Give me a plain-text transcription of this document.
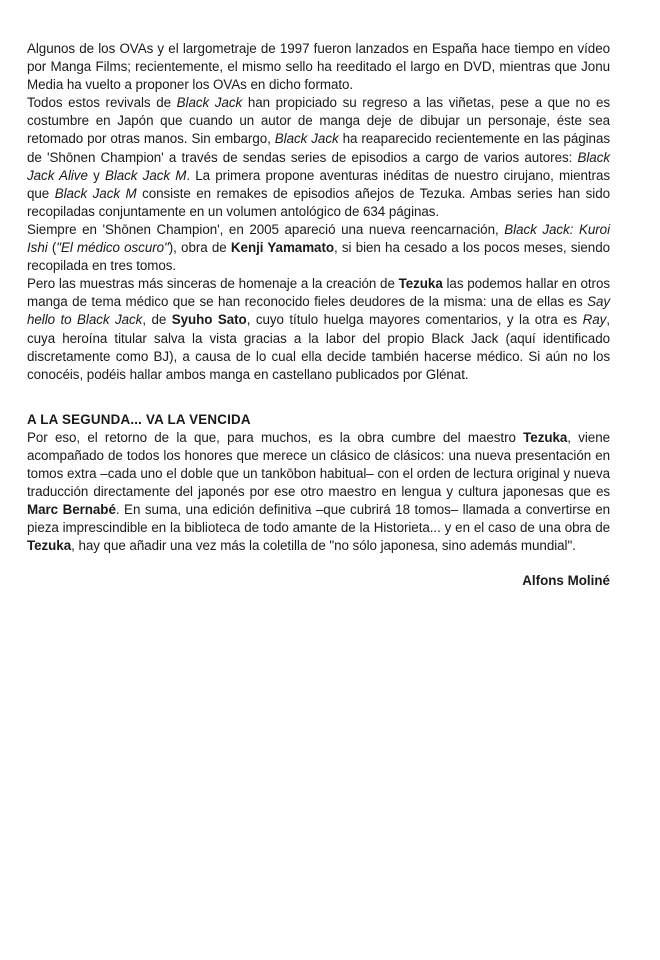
Algunos de los OVAs y el largometraje de 1997 fueron lanzados en España hace tiempo en vídeo por Manga Films; recientemente, el mismo sello ha reeditado el largo en DVD, mientras que Jonu Media ha vuelto a proponer los OVAs en dicho formato.

Todos estos revivals de Black Jack han propiciado su regreso a las viñetas, pese a que no es costumbre en Japón que cuando un autor de manga deje de dibujar un personaje, éste sea retomado por otras manos. Sin embargo, Black Jack ha reaparecido recientemente en las páginas de 'Shōnen Champion' a través de sendas series de episodios a cargo de varios autores: Black Jack Alive y Black Jack M. La primera propone aventuras inéditas de nuestro cirujano, mientras que Black Jack M consiste en remakes de episodios añejos de Tezuka. Ambas series han sido recopiladas conjuntamente en un volumen antológico de 634 páginas.

Siempre en 'Shōnen Champion', en 2005 apareció una nueva reencarnación, Black Jack: Kuroi Ishi ("El médico oscuro"), obra de Kenji Yamamato, si bien ha cesado a los pocos meses, siendo recopilada en tres tomos.

Pero las muestras más sinceras de homenaje a la creación de Tezuka las podemos hallar en otros manga de tema médico que se han reconocido fieles deudores de la misma: una de ellas es Say hello to Black Jack, de Syuho Sato, cuyo título huelga mayores comentarios, y la otra es Ray, cuya heroína titular salva la vista gracias a la labor del propio Black Jack (aquí identificado discretamente como BJ), a causa de lo cual ella decide también hacerse médico. Si aún no los conocéis, podéis hallar ambos manga en castellano publicados por Glénat.

A LA SEGUNDA... VA LA VENCIDA

Por eso, el retorno de la que, para muchos, es la obra cumbre del maestro Tezuka, viene acompañado de todos los honores que merece un clásico de clásicos: una nueva presentación en tomos extra –cada uno el doble que un tankōbon habitual– con el orden de lectura original y nueva traducción directamente del japonés por ese otro maestro en lengua y cultura japonesas que es Marc Bernabé. En suma, una edición definitiva –que cubrirá 18 tomos– llamada a convertirse en pieza imprescindible en la biblioteca de todo amante de la Historieta... y en el caso de una obra de Tezuka, hay que añadir una vez más la coletilla de "no sólo japonesa, sino además mundial".

Alfons Moliné
